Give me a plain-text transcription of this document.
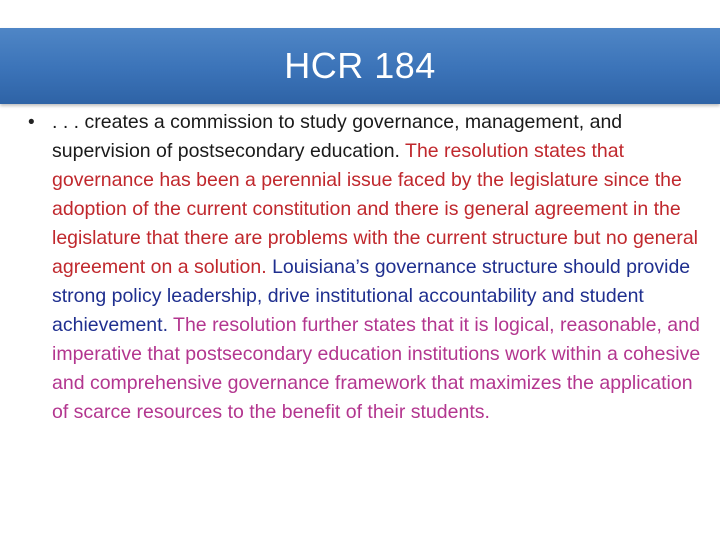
HCR 184
• . . . creates a commission to study governance, management, and supervision of postsecondary education. The resolution states that governance has been a perennial issue faced by the legislature since the adoption of the current constitution and there is general agreement in the legislature that there are problems with the current structure but no general agreement on a solution. Louisiana’s governance structure should provide strong policy leadership, drive institutional accountability and student achievement. The resolution further states that it is logical, reasonable, and imperative that postsecondary education institutions work within a cohesive and comprehensive governance framework that maximizes the application of scarce resources to the benefit of their students.
